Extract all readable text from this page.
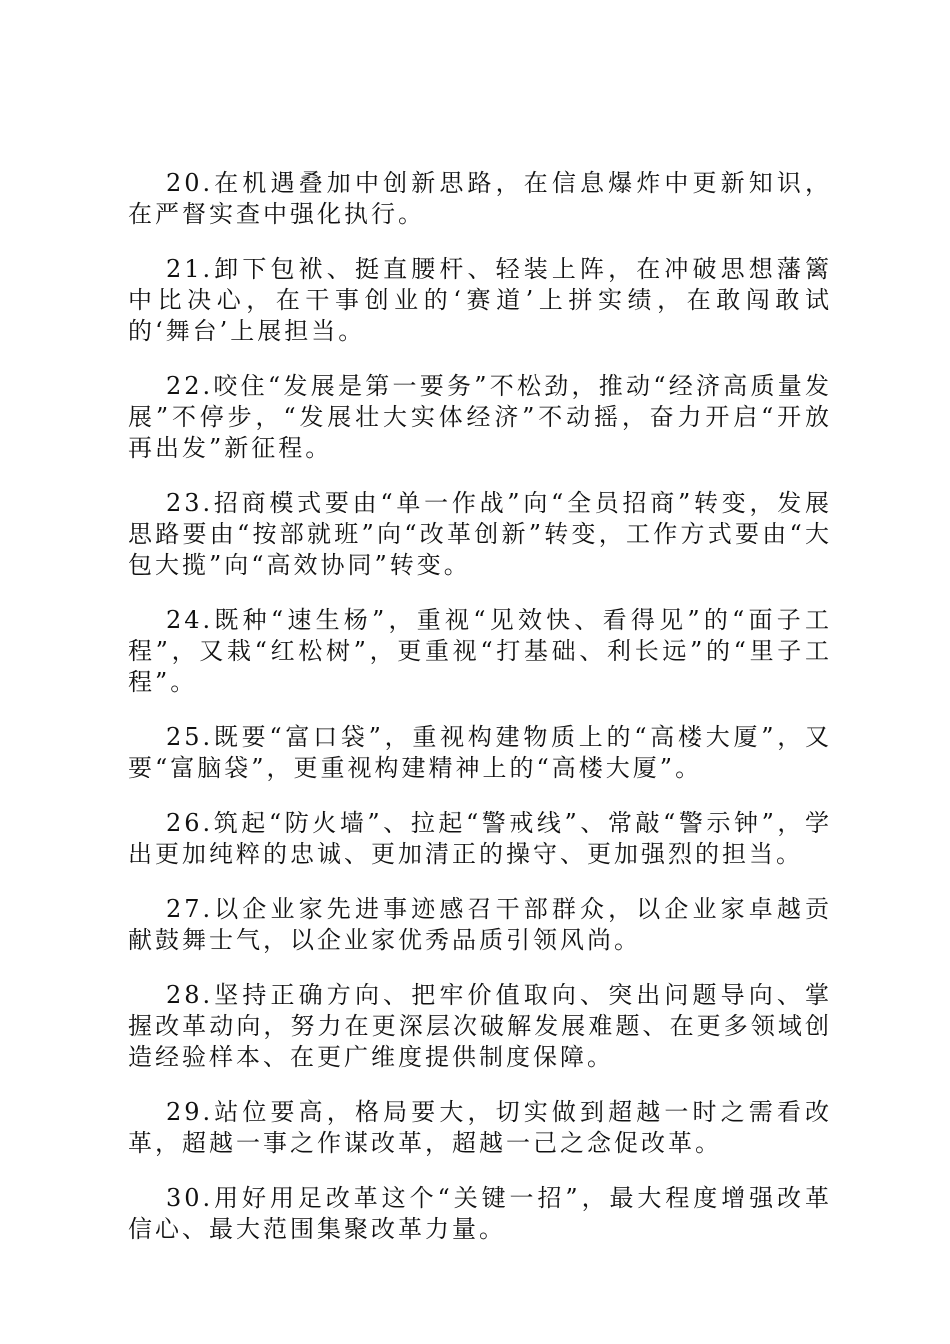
20.在机遇叠加中创新思路，在信息爆炸中更新知识，在严督实查中强化执行。

21.卸下包袱、挺直腰杆、轻装上阵，在冲破思想藩篱中比决心，在干事创业的‘赛道’上拼实绩，在敢闯敢试的‘舞台’上展担当。

22.咬住“发展是第一要务”不松劲，推动“经济高质量发展”不停步，“发展壮大实体经济”不动摇，奋力开启“开放再出发”新征程。

23.招商模式要由“单一作战”向“全员招商”转变，发展思路要由“按部就班”向“改革创新”转变，工作方式要由“大包大揽”向“高效协同”转变。

24.既种“速生杨”，重视“见效快、看得见”的“面子工程”，又栽“红松树”，更重视“打基础、利长远”的“里子工程”。

25.既要“富口袋”，重视构建物质上的“高楼大厦”，又要“富脑袋”，更重视构建精神上的“高楼大厦”。

26.筑起“防火墙”、拉起“警戒线”、常敲“警示钟”，学出更加纯粹的忠诚、更加清正的操守、更加强烈的担当。

27.以企业家先进事迹感召干部群众，以企业家卓越贡献鼓舞士气，以企业家优秀品质引领风尚。

28.坚持正确方向、把牢价值取向、突出问题导向、掌握改革动向，努力在更深层次破解发展难题、在更多领域创造经验样本、在更广维度提供制度保障。

29.站位要高，格局要大，切实做到超越一时之需看改革，超越一事之作谋改革，超越一己之念促改革。

30.用好用足改革这个“关键一招”，最大程度增强改革信心、最大范围集聚改革力量。
